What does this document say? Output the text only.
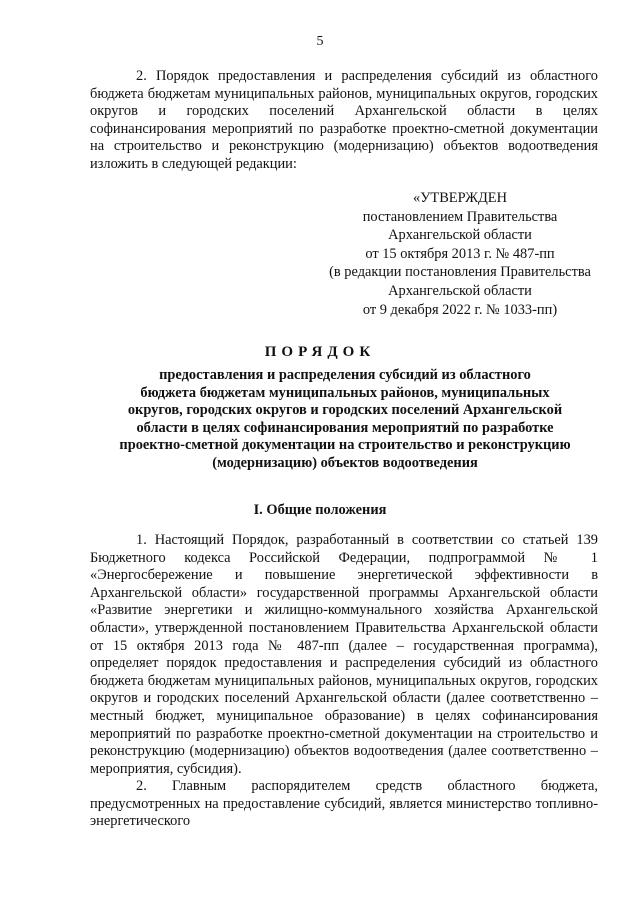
5

2. Порядок предоставления и распределения субсидий из областного бюджета бюджетам муниципальных районов, муниципальных округов, городских округов и городских поселений Архангельской области в целях софинансирования мероприятий по разработке проектно-сметной документации на строительство и реконструкцию (модернизацию) объектов водоотведения изложить в следующей редакции:

«УТВЕРЖДЕН
постановлением Правительства
Архангельской области
от 15 октября 2013 г. № 487-пп
(в редакции постановления Правительства
Архангельской области
от 9 декабря 2022 г. № 1033-пп)
ПОРЯДОК
предоставления и распределения субсидий из областного
бюджета бюджетам муниципальных районов, муниципальных
округов, городских округов и городских поселений Архангельской
области в целях софинансирования мероприятий по разработке
проектно-сметной документации на строительство и реконструкцию
(модернизацию) объектов водоотведения
I. Общие положения

1. Настоящий Порядок, разработанный в соответствии со статьей 139 Бюджетного кодекса Российской Федерации, подпрограммой № 1 «Энергосбережение и повышение энергетической эффективности в Архангельской области» государственной программы Архангельской области «Развитие энергетики и жилищно-коммунального хозяйства Архангельской области», утвержденной постановлением Правительства Архангельской области от 15 октября 2013 года № 487-пп (далее – государственная программа), определяет порядок предоставления и распределения субсидий из областного бюджета бюджетам муниципальных районов, муниципальных округов, городских округов и городских поселений Архангельской области (далее соответственно – местный бюджет, муниципальное образование) в целях софинансирования мероприятий по разработке проектно-сметной документации на строительство и реконструкцию (модернизацию) объектов водоотведения (далее соответственно – мероприятия, субсидия).

2. Главным распорядителем средств областного бюджета, предусмотренных на предоставление субсидий, является министерство топливно-энергетического
